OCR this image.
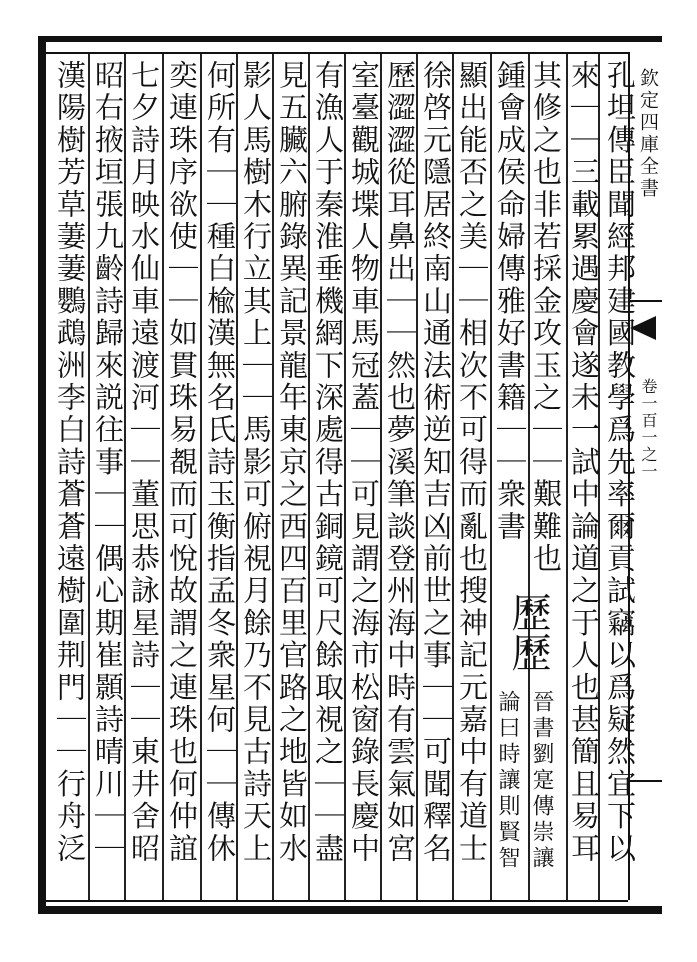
欽定四庫全書
卷一百一之一
孔坦傳臣聞經邦建國教學爲先率爾貢試竊以爲疑然宜下以
來｜｜三載累遇慶會遂未一試中論道之于人也甚簡且易耳
其修之也非若採金攻玉之｜｜艱難也
鍾會成侯命婦傳雅好書籍｜｜衆書
顯出能否之美｜｜相次不可得而亂也搜神記元嘉中有道士
徐啓元隱居終南山通法術逆知吉凶前世之事｜｜可聞釋名
歷澀澀從耳鼻出｜｜然也夢溪筆談登州海中時有雲氣如宮
室臺觀城堞人物車馬冠蓋｜｜可見謂之海市松窗錄長慶中
有漁人于秦淮垂機網下深處得古銅鏡可尺餘取視之｜｜盡
見五臟六腑錄異記景龍年東京之西四百里官路之地皆如水
影人馬樹木行立其上｜｜馬影可俯視月餘乃不見古詩天上
何所有｜｜種白楡漢無名氏詩玉衡指孟冬衆星何｜｜傳休
奕連珠序欲使｜｜如貫珠易覩而可悅故謂之連珠也何仲誼
七夕詩月映水仙車遠渡河｜｜董思恭詠星詩｜｜東井舍昭
昭右掖垣張九齡詩歸來説往事｜｜偶心期崔顥詩晴川｜｜
漢陽樹芳草萋萋鸚鵡洲李白詩蒼蒼遠樹圍荆門｜｜行舟泛	歷歷
晉書劉寔傳崇讓
論曰時讓則賢智
